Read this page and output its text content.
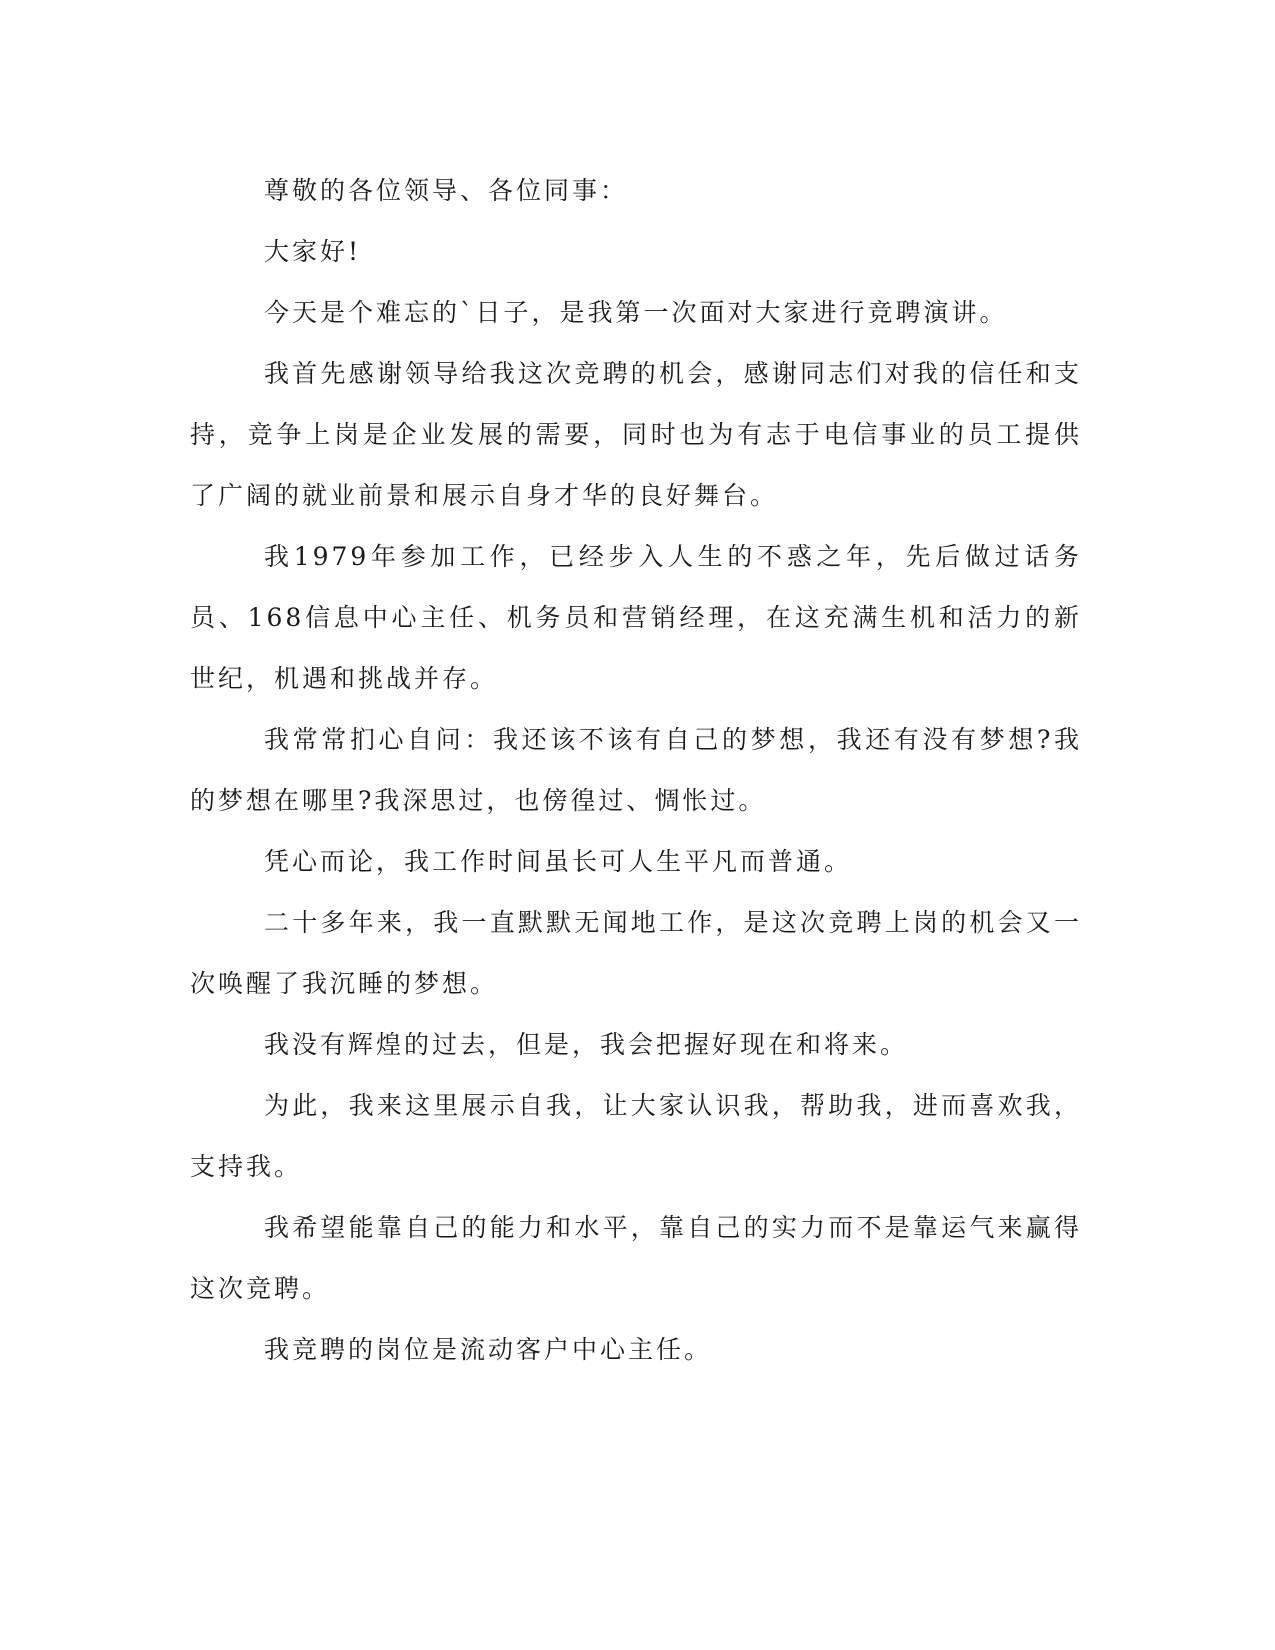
尊敬的各位领导、各位同事：

大家好!

今天是个难忘的`日子，是我第一次面对大家进行竞聘演讲。

我首先感谢领导给我这次竞聘的机会，感谢同志们对我的信任和支持，竞争上岗是企业发展的需要，同时也为有志于电信事业的员工提供了广阔的就业前景和展示自身才华的良好舞台。

我1979年参加工作，已经步入人生的不惑之年，先后做过话务员、168信息中心主任、机务员和营销经理，在这充满生机和活力的新世纪，机遇和挑战并存。

我常常扪心自问：我还该不该有自己的梦想，我还有没有梦想?我的梦想在哪里?我深思过，也傍徨过、惆怅过。

凭心而论，我工作时间虽长可人生平凡而普通。

二十多年来，我一直默默无闻地工作，是这次竞聘上岗的机会又一次唤醒了我沉睡的梦想。

我没有辉煌的过去，但是，我会把握好现在和将来。

为此，我来这里展示自我，让大家认识我，帮助我，进而喜欢我，支持我。

我希望能靠自己的能力和水平，靠自己的实力而不是靠运气来赢得这次竞聘。

我竞聘的岗位是流动客户中心主任。
